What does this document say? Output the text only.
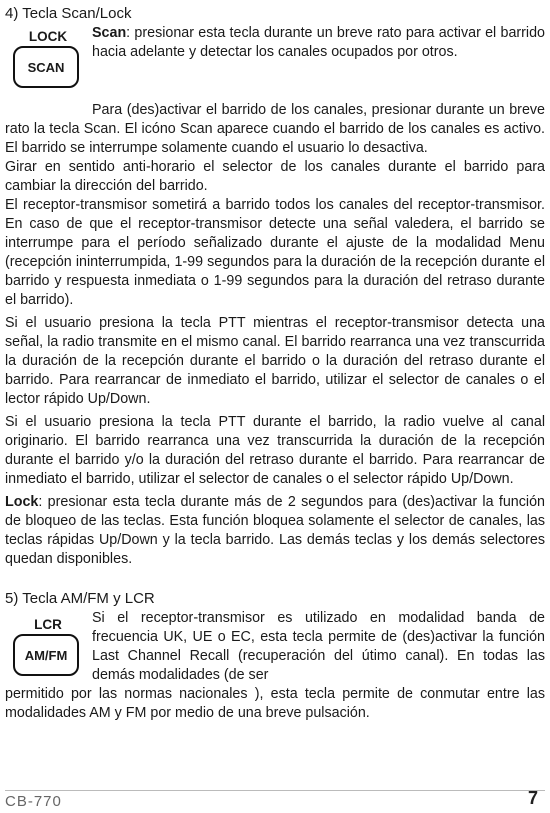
4) Tecla Scan/Lock
LOCK
SCAN

Scan: presionar esta tecla durante un breve rato para activar el barrido hacia adelante y detectar los canales ocupados por otros.

Para (des)activar el barrido de los canales, presionar durante un breve rato la tecla Scan. El icóno Scan aparece cuando el barrido de los canales es activo. El barrido se interrumpe solamente cuando el usuario lo desactiva.

Girar en sentido anti-horario el selector de los canales durante el barrido para cambiar la dirección del barrido.

El receptor-transmisor sometirá a barrido todos los canales del receptor-transmisor. En caso de que el receptor-transmisor detecte una señal valedera, el barrido se interrumpe para el período señalizado durante el ajuste de la modalidad Menu (recepción ininterrumpida, 1-99 segundos para la duración de la recepción durante el barrido y respuesta inmediata o 1-99 segundos para la duración del retraso durante el barrido).

Si el usuario presiona la tecla PTT mientras el receptor-transmisor detecta una señal, la radio transmite en el mismo canal. El barrido rearranca una vez transcurrida la duración de la recepción durante el barrido o la duración del retraso durante el barrido. Para rearrancar de inmediato el barrido, utilizar el selector de canales o el lector rápido Up/Down.

Si el usuario presiona la tecla PTT durante el barrido, la radio vuelve al canal originario. El barrido rearranca una vez transcurrida la duración de la recepción durante el barrido y/o la duración del retraso durante el barrido. Para rearrancar de inmediato el barrido, utilizar el selector de canales o el selector rápido Up/Down.

Lock: presionar esta tecla durante más de 2 segundos para (des)activar la función de bloqueo de las teclas. Esta función bloquea solamente el selector de canales, las teclas rápidas Up/Down y la tecla barrido. Las demás teclas y los demás selectores quedan disponibles.

5) Tecla AM/FM y LCR
LCR
AM/FM

Si el receptor-transmisor es utilizado en modalidad banda de frecuencia UK, UE o EC, esta tecla permite de (des)activar la función Last Channel Recall (recuperación del útimo canal). En todas las demás modalidades (de ser

permitido por las normas nacionales ), esta tecla permite de conmutar entre las modalidades AM y FM por medio de una breve pulsación.

CB-770	7
